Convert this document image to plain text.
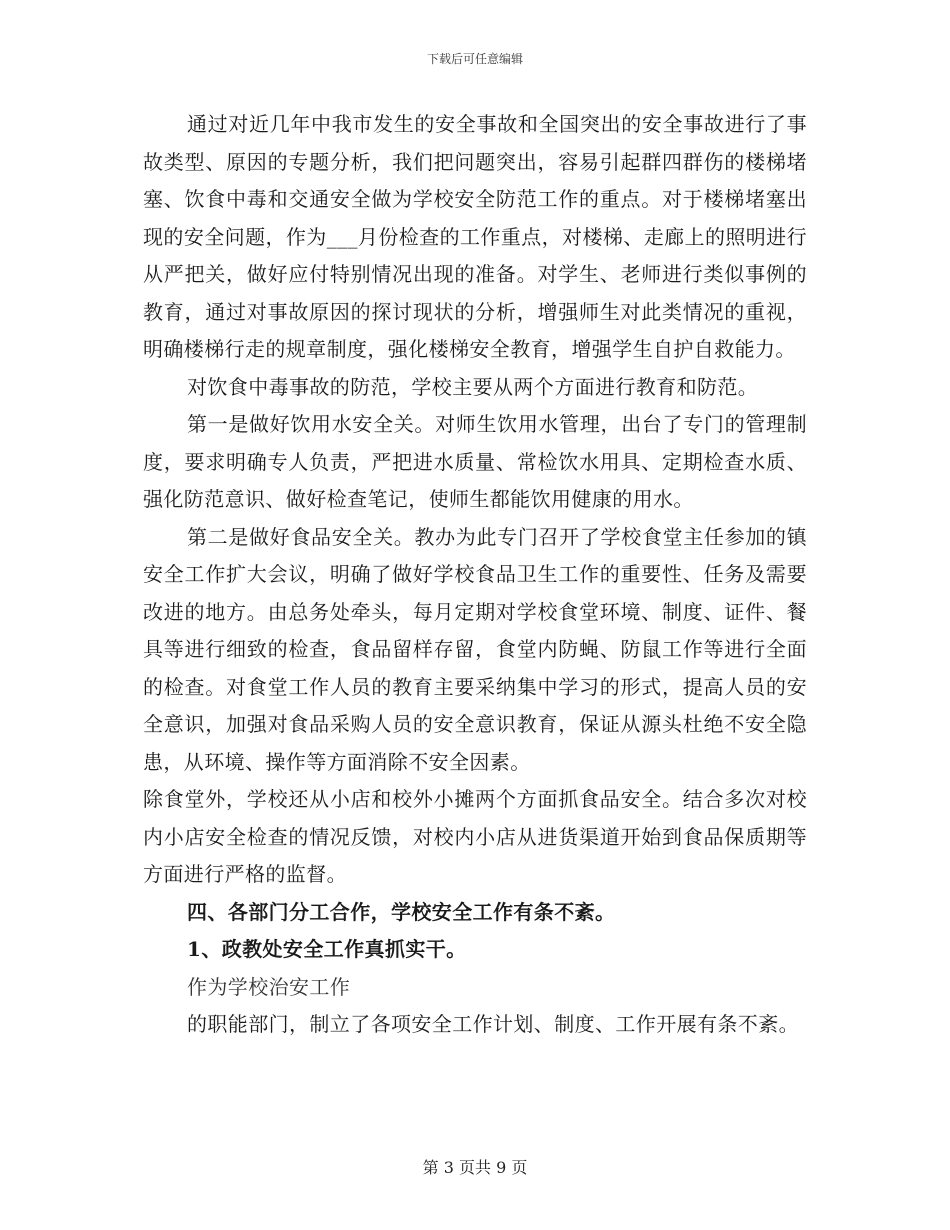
下载后可任意编辑

通过对近几年中我市发生的安全事故和全国突出的安全事故进行了事故类型、原因的专题分析，我们把问题突出，容易引起群四群伤的楼梯堵塞、饮食中毒和交通安全做为学校安全防范工作的重点。对于楼梯堵塞出现的安全问题，作为___月份检查的工作重点，对楼梯、走廊上的照明进行从严把关，做好应付特别情况出现的准备。对学生、老师进行类似事例的教育，通过对事故原因的探讨现状的分析，增强师生对此类情况的重视，明确楼梯行走的规章制度，强化楼梯安全教育，增强学生自护自救能力。

对饮食中毒事故的防范，学校主要从两个方面进行教育和防范。

第一是做好饮用水安全关。对师生饮用水管理，出台了专门的管理制度，要求明确专人负责，严把进水质量、常检饮水用具、定期检查水质、强化防范意识、做好检查笔记，使师生都能饮用健康的用水。

第二是做好食品安全关。教办为此专门召开了学校食堂主任参加的镇安全工作扩大会议，明确了做好学校食品卫生工作的重要性、任务及需要改进的地方。由总务处牵头，每月定期对学校食堂环境、制度、证件、餐具等进行细致的检查，食品留样存留，食堂内防蝇、防鼠工作等进行全面的检查。对食堂工作人员的教育主要采纳集中学习的形式，提高人员的安全意识，加强对食品采购人员的安全意识教育，保证从源头杜绝不安全隐患，从环境、操作等方面消除不安全因素。

除食堂外，学校还从小店和校外小摊两个方面抓食品安全。结合多次对校内小店安全检查的情况反馈，对校内小店从进货渠道开始到食品保质期等方面进行严格的监督。

四、各部门分工合作，学校安全工作有条不紊。

1、政教处安全工作真抓实干。

作为学校治安工作

的职能部门，制立了各项安全工作计划、制度、工作开展有条不紊。

第 3 页共 9 页
